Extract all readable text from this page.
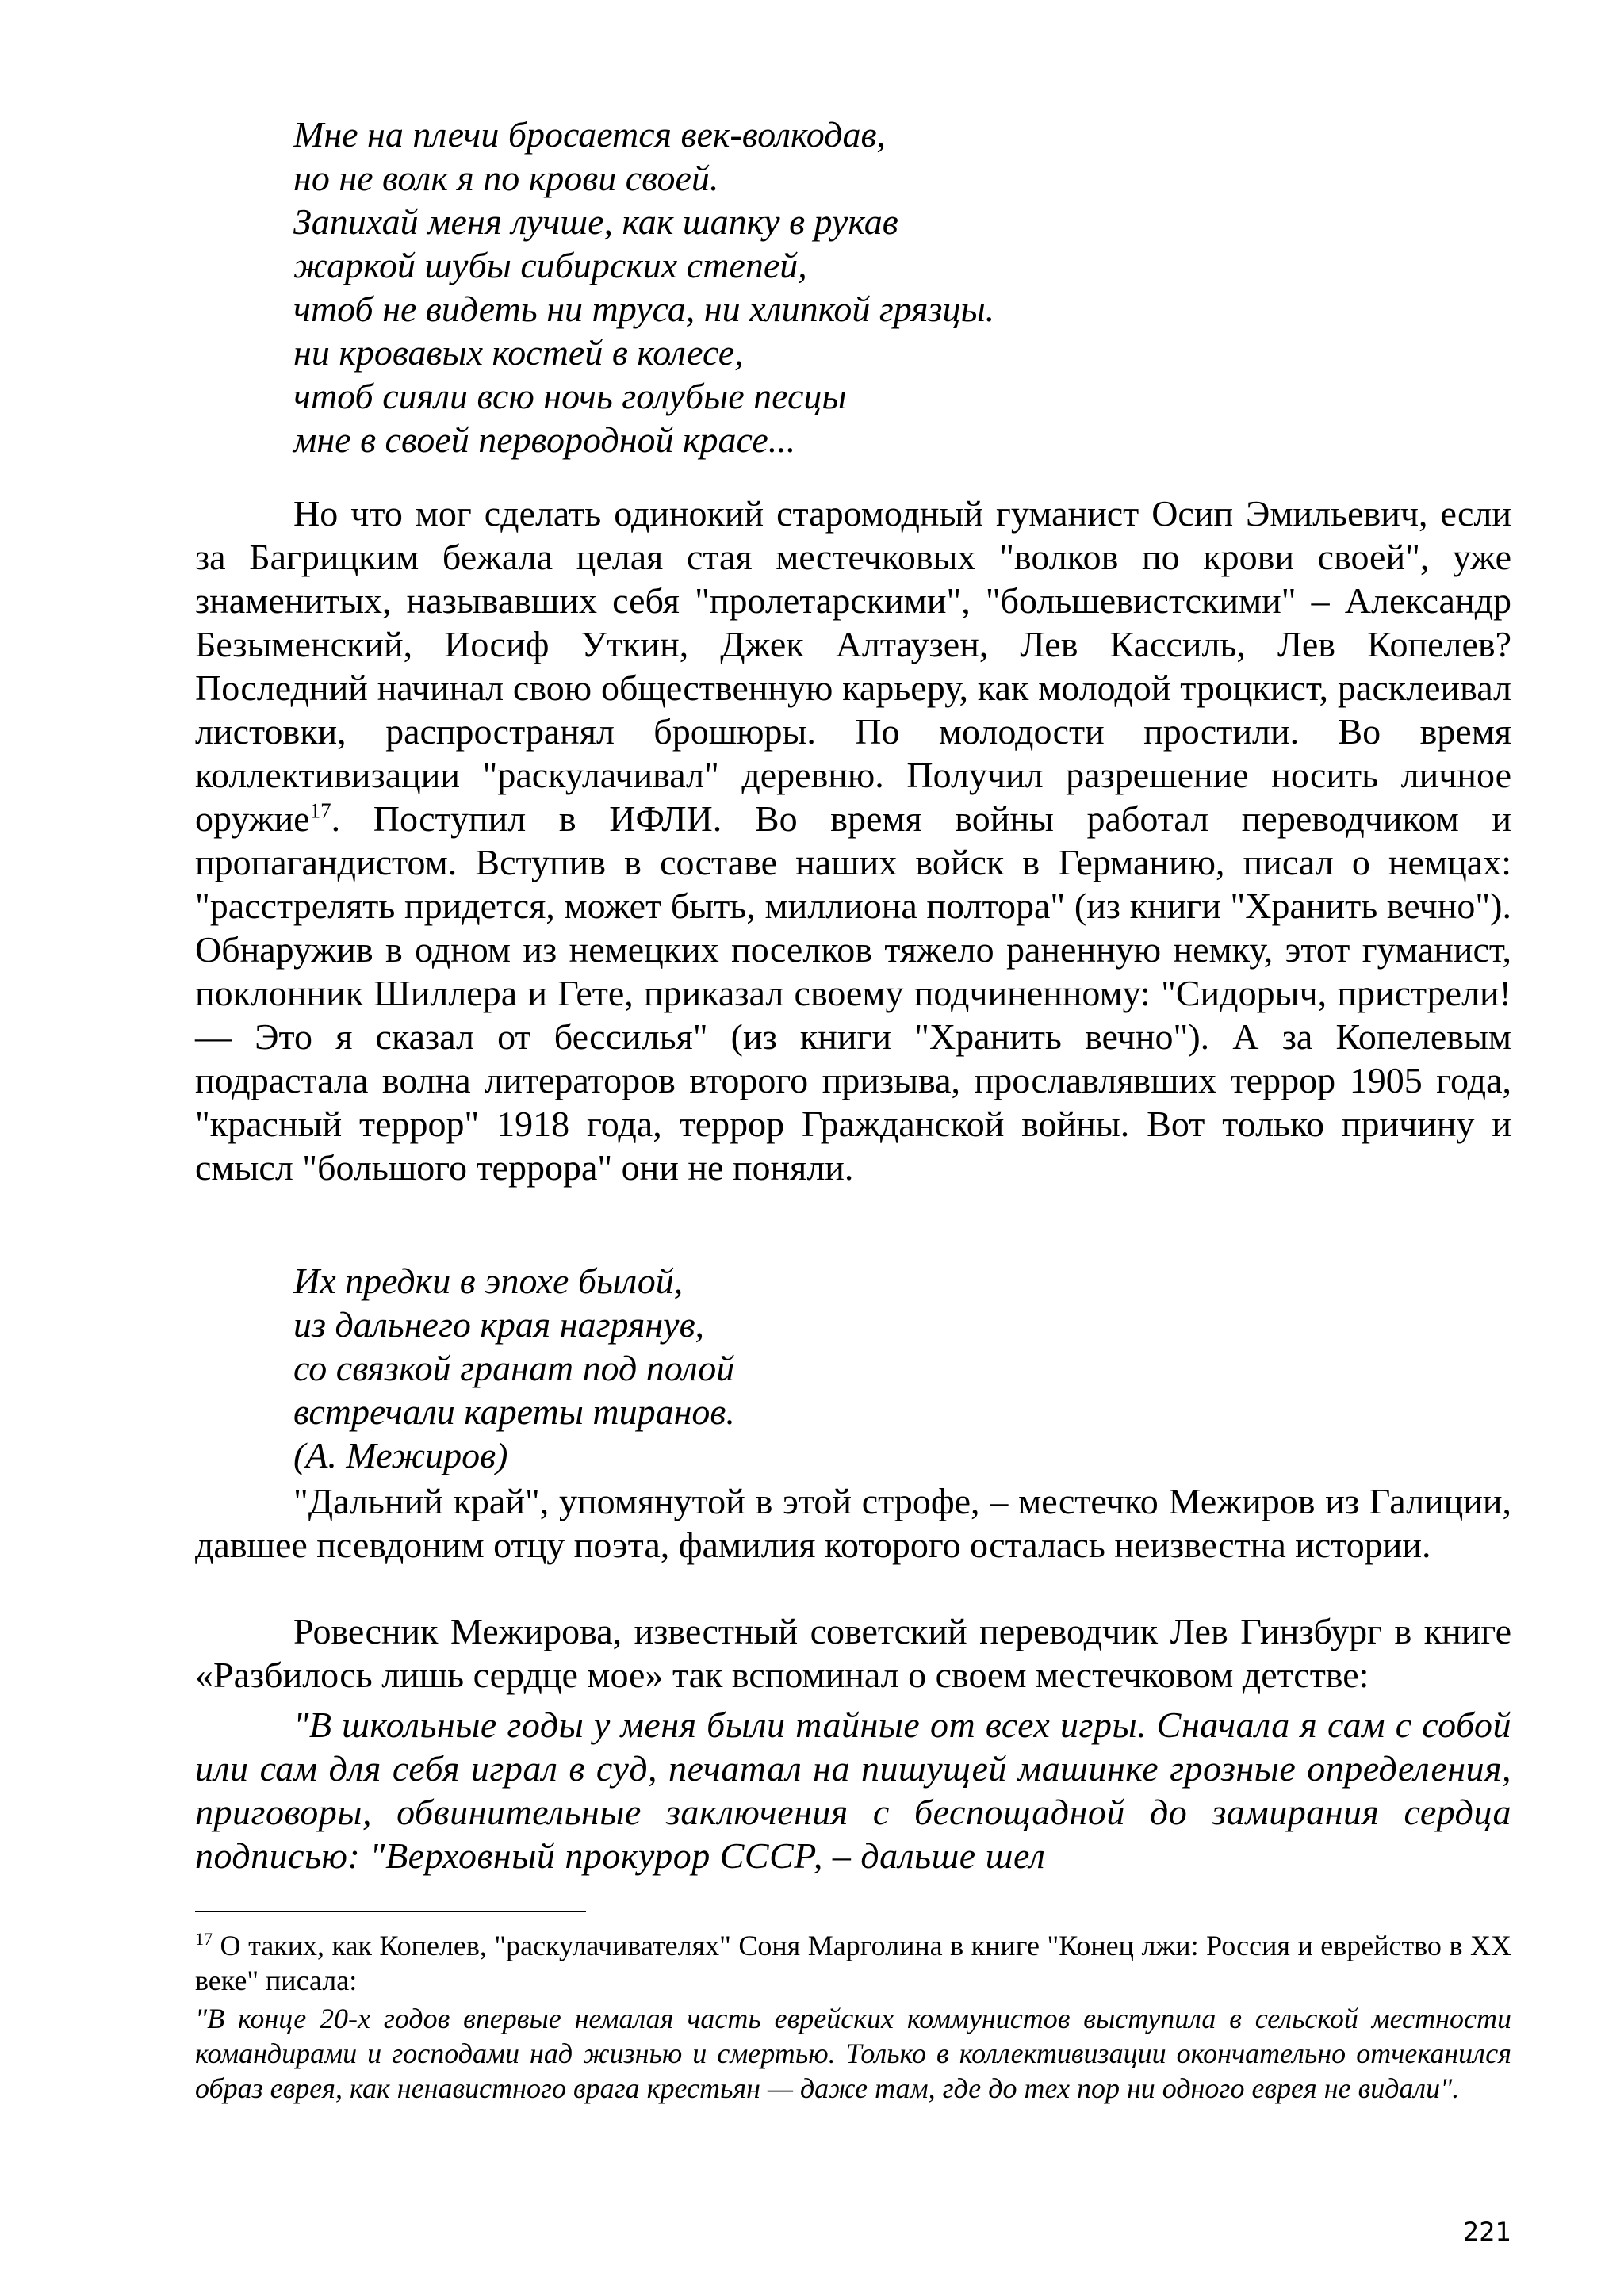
Мне на плечи бросается век-волкодав,
но не волк я по крови своей.
Запихай меня лучше, как шапку в рукав
жаркой шубы сибирских степей,
чтоб не видеть ни труса, ни хлипкой грязцы.
ни кровавых костей в колесе,
чтоб сияли всю ночь голубые песцы
мне в своей первородной красе...
Но что мог сделать одинокий старомодный гуманист Осип Эмильевич, если за Багрицким бежала целая стая местечковых "волков по крови своей", уже знаменитых, называвших себя "пролетарскими", "большевистскими" – Александр Безыменский, Иосиф Уткин, Джек Алтаузен, Лев Кассиль, Лев Копелев? Последний начинал свою общественную карьеру, как молодой троцкист, расклеивал листовки, распространял брошюры. По молодости простили. Во время коллективизации "раскулачивал" деревню. Получил разрешение носить личное оружие$^{17}$. Поступил в ИФЛИ. Во время войны работал переводчиком и пропагандистом. Вступив в составе наших войск в Германию, писал о немцах: "расстрелять придется, может быть, миллиона полтора" (из книги "Хранить вечно"). Обнаружив в одном из немецких поселков тяжело раненную немку, этот гуманист, поклонник Шиллера и Гете, приказал своему подчиненному: "Сидорыч, пристрели! — Это я сказал от бессилья" (из книги "Хранить вечно"). А за Копелевым подрастала волна литераторов второго призыва, прославлявших террор 1905 года, "красный террор" 1918 года, террор Гражданской войны. Вот только причину и смысл "большого террора" они не поняли.
Их предки в эпохе былой,
из дальнего края нагрянув,
со связкой гранат под полой
встречали кареты тиранов.
(А. Межиров)
"Дальний край", упомянутой в этой строфе, – местечко Межиров из Галиции, давшее псевдоним отцу поэта, фамилия которого осталась неизвестна истории.
Ровесник Межирова, известный советский переводчик Лев Гинзбург в книге «Разбилось лишь сердце мое» так вспоминал о своем местечковом детстве:
"В школьные годы у меня были тайные от всех игры. Сначала я сам с собой или сам для себя играл в суд, печатал на пишущей машинке грозные определения, приговоры, обвинительные заключения с беспощадной до замирания сердца подписью: "Верховный прокурор СССР, – дальше шел
$^{17}$ О таких, как Копелев, "раскулачивателях" Соня Марголина в книге "Конец лжи: Россия и еврейство в XX веке" писала:
"В конце 20-х годов впервые немалая часть еврейских коммунистов выступила в сельской местности командирами и господами над жизнью и смертью. Только в коллективизации окончательно отчеканился образ еврея, как ненавистного врага крестьян — даже там, где до тех пор ни одного еврея не видали".
221
